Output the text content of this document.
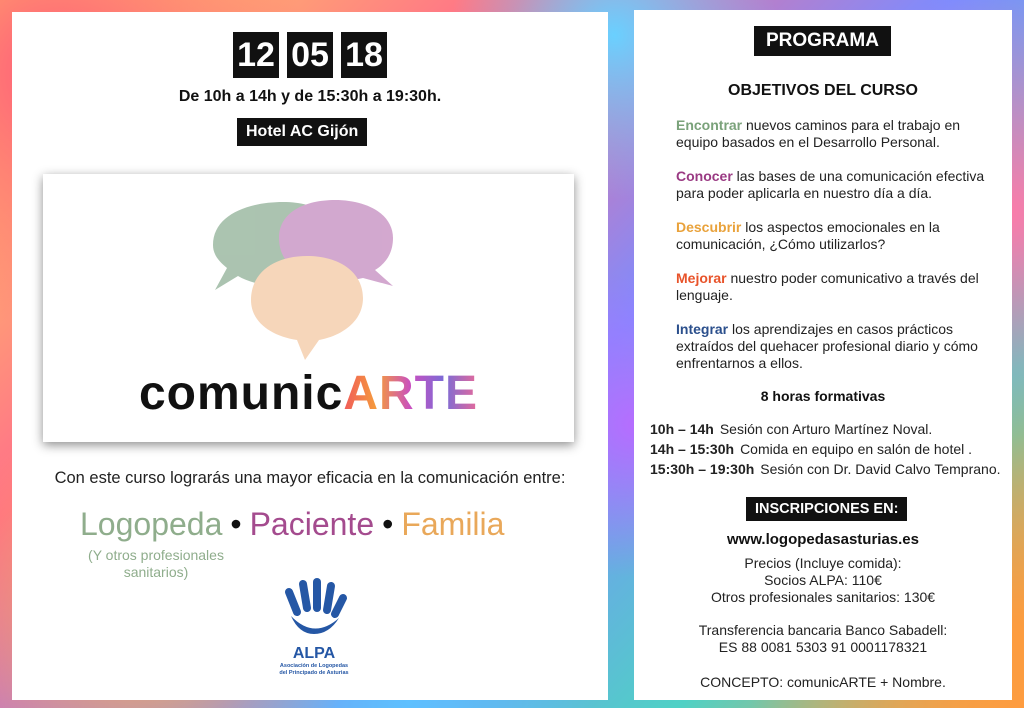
12 05 18
De 10h a 14h y de 15:30h a 19:30h.
Hotel AC Gijón
comunicARTE
Con este curso lograrás una mayor eficacia en la comunicación entre:
Logopeda • Paciente • Familia
(Y otros profesionales sanitarios)
ALPA
Asociación de Logopedas
del Principado de Asturias
PROGRAMA
OBJETIVOS DEL CURSO
Encontrar nuevos caminos para el trabajo en equipo basados en el Desarrollo Personal.
Conocer las bases de una comunicación efectiva para poder aplicarla en nuestro día a día.
Descubrir los aspectos emocionales en la comunicación, ¿Cómo utilizarlos?
Mejorar nuestro poder comunicativo a través del lenguaje.
Integrar los aprendizajes en casos prácticos extraídos del quehacer profesional diario y cómo enfrentarnos a ellos.
8 horas formativas
10h – 14h Sesión con Arturo Martínez Noval.
14h – 15:30h Comida en equipo en salón de hotel .
15:30h – 19:30h Sesión con Dr. David Calvo Temprano.
INSCRIPCIONES EN:
www.logopedasasturias.es
Precios (Incluye comida):
Socios ALPA: 110€
Otros profesionales sanitarios: 130€
Transferencia bancaria Banco Sabadell:
ES 88 0081 5303 91 0001178321
CONCEPTO: comunicARTE + Nombre.
